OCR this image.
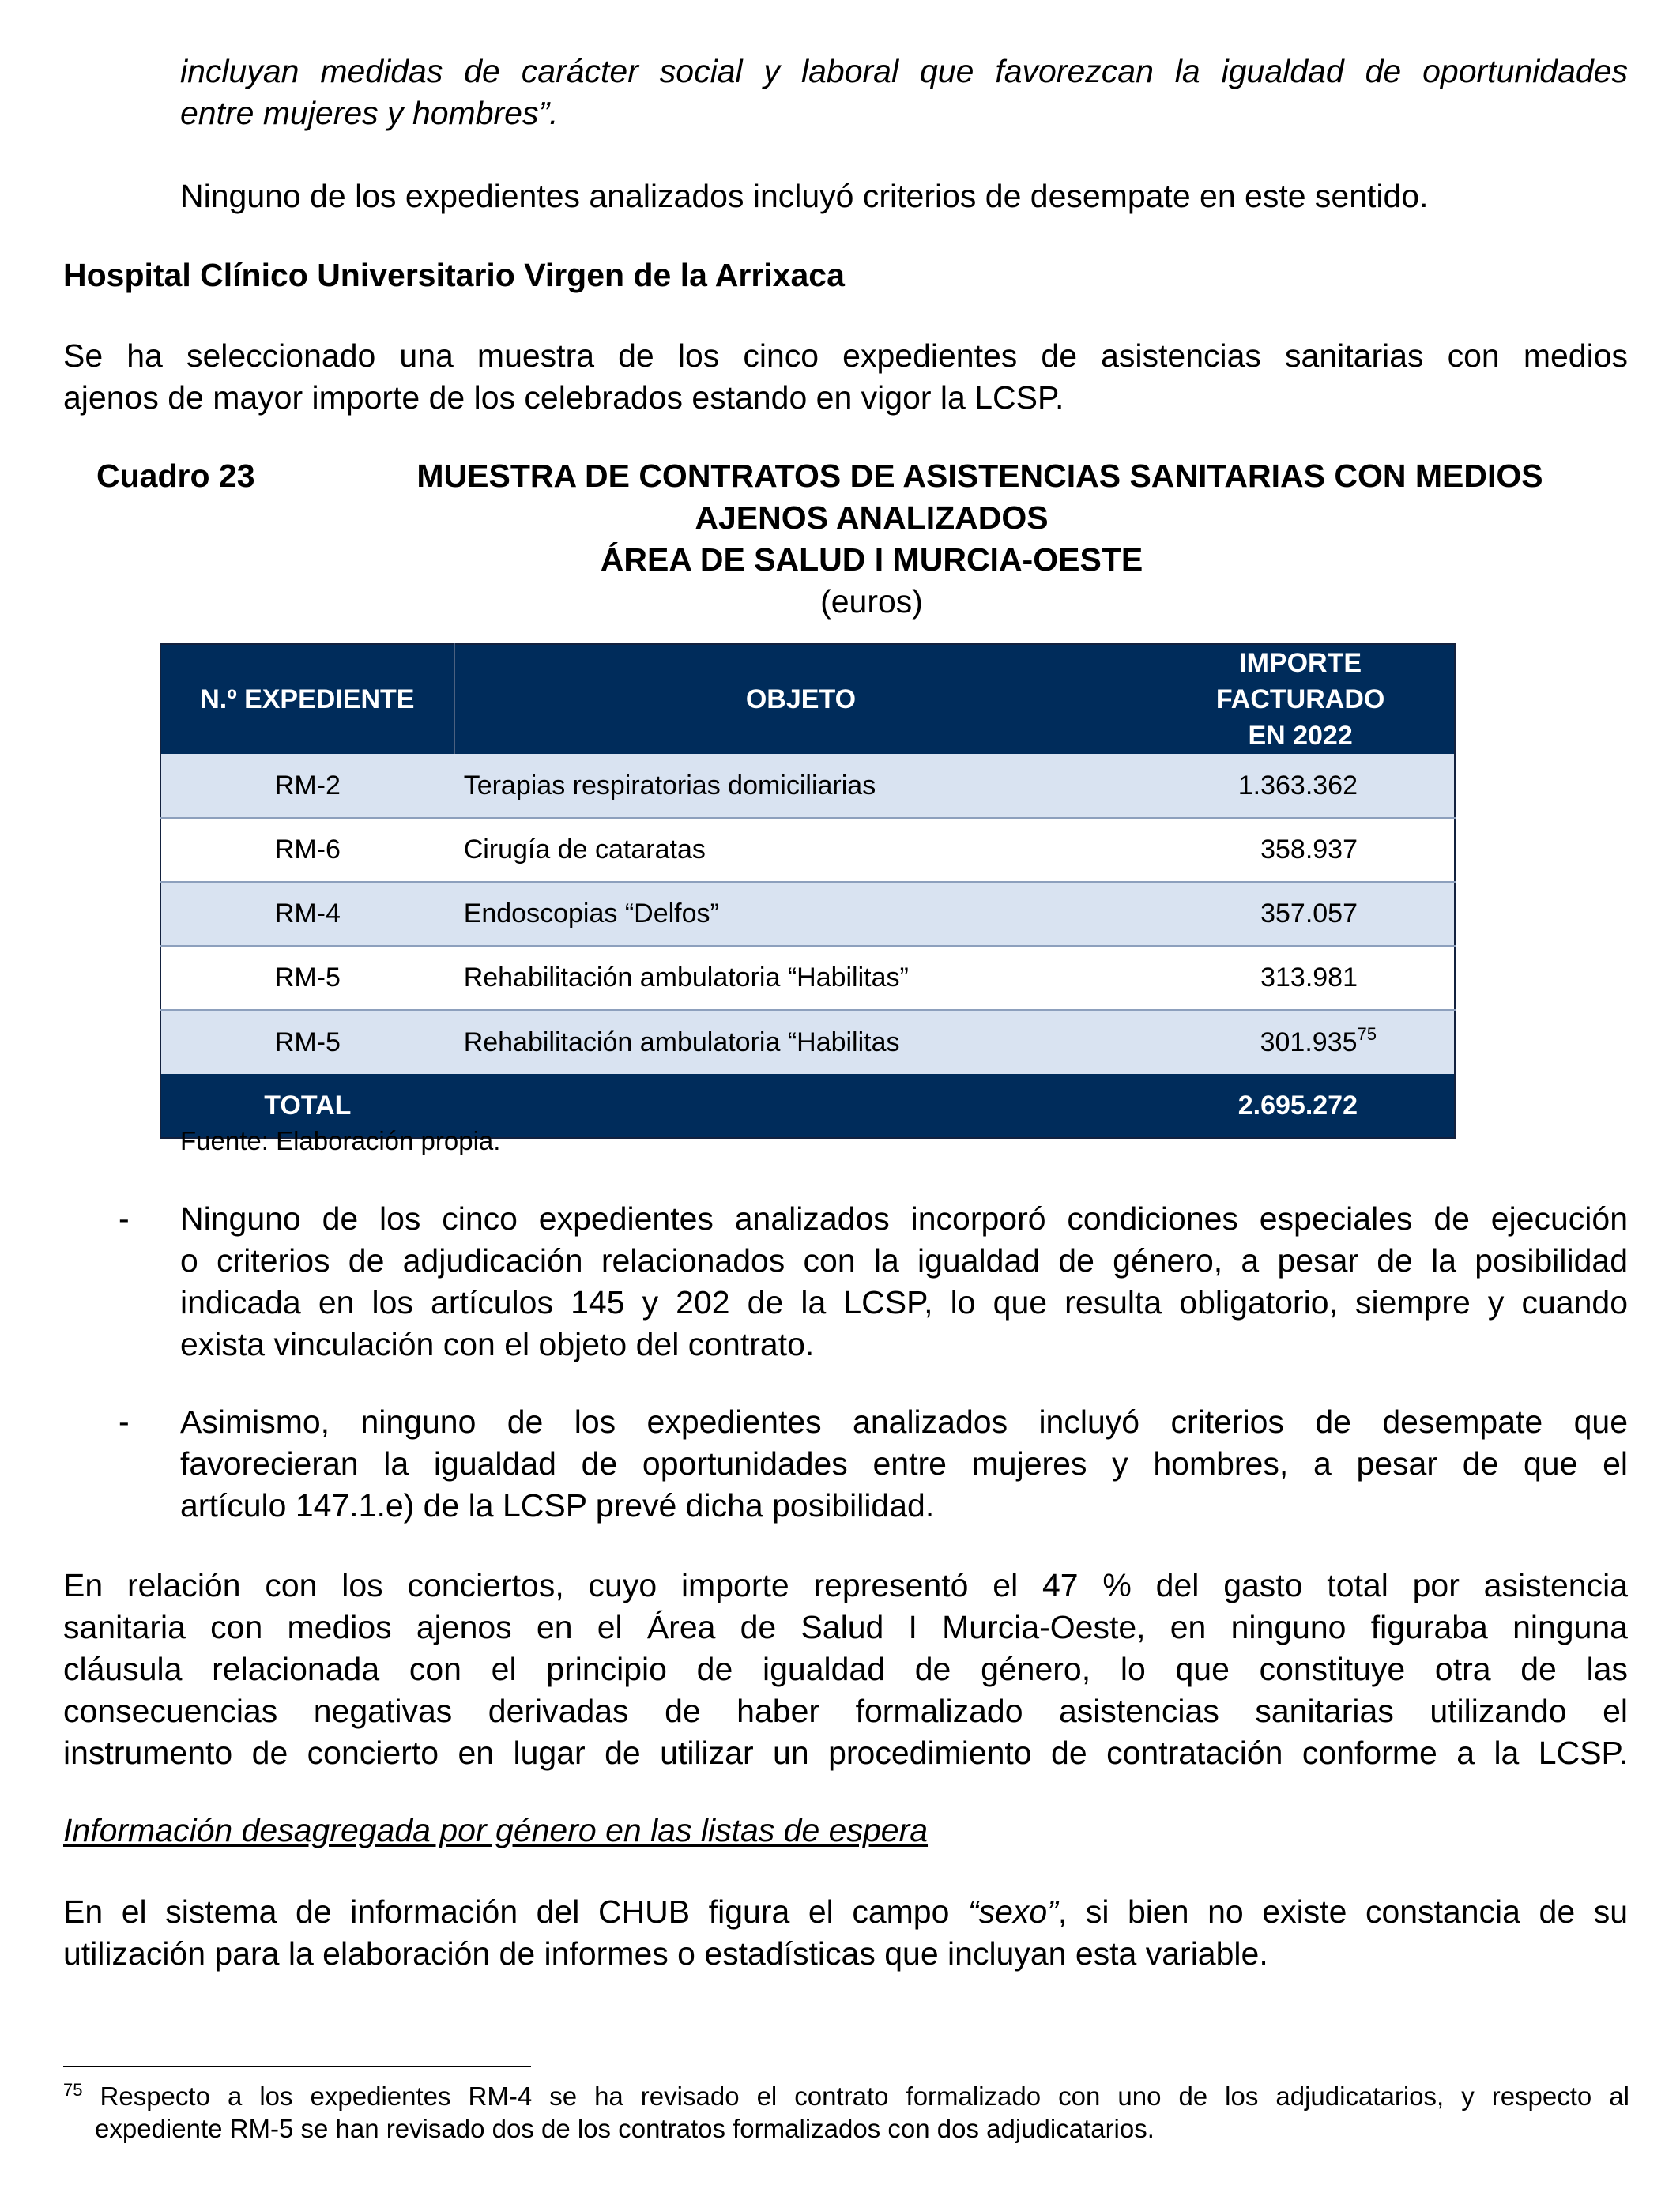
incluyan medidas de carácter social y laboral que favorezcan la igualdad de oportunidades

entre mujeres y hombres”.

Ninguno de los expedientes analizados incluyó criterios de desempate en este sentido.

Hospital Clínico Universitario Virgen de la Arrixaca

Se ha seleccionado una muestra de los cinco expedientes de asistencias sanitarias con medios

ajenos de mayor importe de los celebrados estando en vigor la LCSP.

Cuadro 23	MUESTRA DE CONTRATOS DE ASISTENCIAS SANITARIAS CON MEDIOS
AJENOS ANALIZADOS
ÁREA DE SALUD I MURCIA-OESTE
(euros)
N.º EXPEDIENTE	OBJETO	IMPORTE FACTURADO
EN 2022

RM-2	Terapias respiratorias domiciliarias	1.363.362
RM-6	Cirugía de cataratas	358.937
RM-4	Endoscopias “Delfos”	357.057
RM-5	Rehabilitación ambulatoria “Habilitas”	313.981
RM-5	Rehabilitación ambulatoria “Habilitas	301.935$^{75}$
TOTAL		2.695.272
Fuente: Elaboración propia.
- Ninguno de los cinco expedientes analizados incorporó condiciones especiales de ejecución
o criterios de adjudicación relacionados con la igualdad de género, a pesar de la posibilidad
indicada en los artículos 145 y 202 de la LCSP, lo que resulta obligatorio, siempre y cuando
exista vinculación con el objeto del contrato.
- Asimismo, ninguno de los expedientes analizados incluyó criterios de desempate que
favorecieran la igualdad de oportunidades entre mujeres y hombres, a pesar de que el
artículo 147.1.e) de la LCSP prevé dicha posibilidad.
En relación con los conciertos, cuyo importe representó el 47 % del gasto total por asistencia
sanitaria con medios ajenos en el Área de Salud I Murcia-Oeste, en ninguno figuraba ninguna
cláusula relacionada con el principio de igualdad de género, lo que constituye otra de las
consecuencias negativas derivadas de haber formalizado asistencias sanitarias utilizando el
instrumento de concierto en lugar de utilizar un procedimiento de contratación conforme a la LCSP.

Información desagregada por género en las listas de espera

En el sistema de información del CHUB figura el campo “sexo”, si bien no existe constancia de su
utilización para la elaboración de informes o estadísticas que incluyan esta variable.
$^{75}$ Respecto a los expedientes RM-4 se ha revisado el contrato formalizado con uno de los adjudicatarios, y respecto al
expediente RM-5 se han revisado dos de los contratos formalizados con dos adjudicatarios.
